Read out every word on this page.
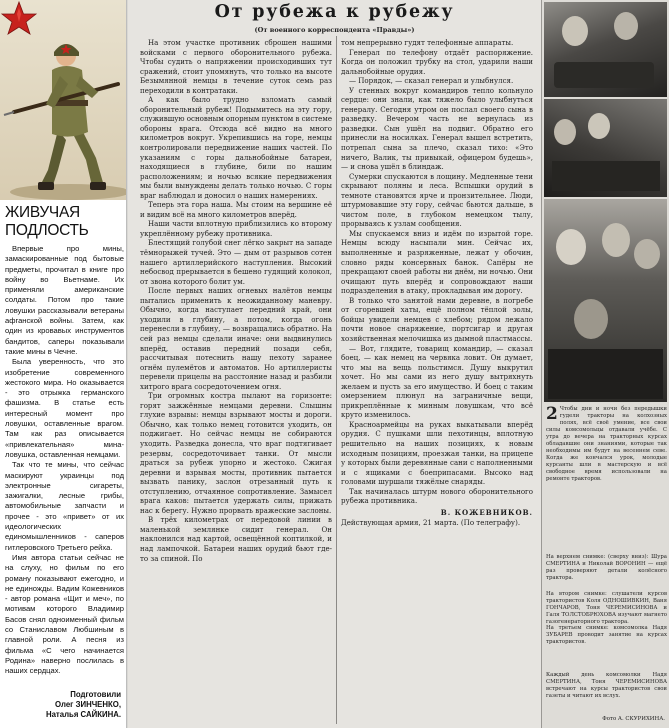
ЖИВУЧАЯ
ПОДЛОСТЬ

Впервые про мины, замаскированные под бытовые предметы, прочитал в книге про войну во Вьетнаме. Их применяли американские солдаты. Потом про такие ловушки рассказывали ветераны афганской войны. Затем, как один из кровавых инструментов бандитов, саперы показывали такие мины в Чечне.

Была уверенность, что это изобретение современного жестокого мира. Но оказывается - это отрыжка германского фашизма. В статье есть интересный момент про ловушки, оставленные врагом. Там как раз описывается «привлекательная» мина-ловушка, оставленная немцами.

Так что те мины, что сейчас маскируют украинцы под электронные сигареты, зажигалки, лесные грибы, автомобильные запчасти и прочее - это «привет» от их идеологических единомышленников - саперов гитлеровского Третьего рейха.

Имя автора статьи сейчас не на слуху, но фильм по его роману показывают ежегодно, и не единожды. Вадим Кожевников - автор романа «Щит и меч», по мотивам которого Владимир Басов снял одноименный фильм со Станиславом Любшиным в главной роли. А песня из фильма «С чего начинается Родина» наверно послилась в наших сердцах.

Подготовили
Олег ЗИНЧЕНКО,
Наталья САЙКИНА.
От рубежа к рубежу
(От военного корреспондента «Правды»)

На этом участке противник сброшен нашими войсками с первого оборонительного рубежа. Чтобы судить о напряжении происходивших тут сражений, стоит упомянуть, что только на высоте Безымянной немцы в течение суток семь раз переходили в контратаки.

А как было трудно взломать самый оборонительный рубеж! Подымитесь на эту гору, служившую основным опорным пунктом в системе обороны врага. Отсюда всё видно на много километров вокруг. Укрепившись на горе, немцы контролировали передвижение наших частей. По указаниям с горы дальнобойные батареи, находящиеся в глубине, били по нашим расположениям; и ночью всякие передвижения мы были вынуждены делать только ночью. С горы враг наблюдал и доносил о наших намерениях.

Теперь эта гора наша. Мы стоим на вершине её и видим всё на много километров вперёд.

Наши части вплотную приблизились ко второму укреплённому рубежу противника.

Блестящий голубой снег лёгко закрыт на западе тёмнорыжей тучей. Это — дым от разрывов сотен нашего артиллерийского наступления. Высокий небосвод прерывается в бешено гудящий колокол, от звона которого болит ум.

После первых наших огневых налётов немцы пытались применить к неожиданному маневру. Обычно, когда наступает передний край, они уходили в глубину, а потом, когда огонь перенесли в глубину, — возвращались обратно. На сей раз немцы сделали иначе: они выдвинулись вперёд, оставив передний позади себя, рассчитывая потеснить нашу пехоту заранее огнём пулемётов и автоматов. Но артиллеристы перевели прицелы на расстояние назад и разбили хитрого врага сосредоточением огня.

Три огромных костра пылают на горизонте: горят зажжённые немцами деревни. Слышны глухие взрывы: немцы взрывают мосты и дороги. Обычно, как только немец готовится уходить, он поджигает. Но сейчас немцы не собираются уходить. Разведка донесла, что враг подтягивает резервы, сосредоточивает танки. От мысли драться за рубеж упорно и жестоко. Сжигая деревни и взрывая мосты, противник пытается вызвать панику, заслон отрезанный путь к отступлению, отчаянное сопротивление. Замысел врага каков: пытается удержать силы, прижать нас к берегу. Нужно прорвать вражеские заслоны.

В трёх километрах от передовой линии в маленькой землянке сидит генерал. Он наклонился над картой, освещённой коптилкой, и над лампочкой. Батареи наших орудий бьют где-то за спиной. По

том непрерывно гудят телефонные аппараты.

Генерал по телефону отдаёт распоряжение. Когда он положил трубку на стол, ударили наши дальнобойные орудия.

— Порядок, — сказал генерал и улыбнулся.

У стенных вокруг командиров тепло кольнуло сердце: они знали, как тяжело было улыбнуться генералу. Сегодня утром он послал своего сына в разведку. Вечером часть не вернулась из разведки. Сын ушёл на подвиг. Обратно его принесли на носилках. Генерал вышел встретить, потрепал сына за плечо, сказал тихо: «Это ничего, Валик, ты привыкай, офицером будешь», — и снова ушёл в блиндаж.

Сумерки спускаются в лощину. Медленные тени скрывают поляны и леса. Вспышки орудий в темноте становятся ярче и пронзительнее. Люди, штурмовавшие эту гору, сейчас бьются дальше, в чистом поле, в глубоком немецком тылу, прорываясь к узлам сообщения.

Мы спускаемся вниз и идём по изрытой горе. Немцы всюду насыпали мин. Сейчас их, выполненные и разряженные, лежат у обочин, словно ряды консервных банок. Сапёры не прекращают своей работы ни днём, ни ночью. Они очищают путь вперёд и сопровождают наши подразделения в атаку, прокладывая им дорогу.

В только что занятой нами деревне, в погребе от сгоревшей хаты, ещё полном тёплой золы, бойцы увидели немцев с хлебом; рядом лежало почти новое снаряжение, портсигар и другая хозяйственная мелочишка из дымной пластмассы.

— Вот, глядите, товарищ командир, — сказал боец, — как немец на червяка ловит. Он думает, что мы на вещь польстимся. Душу выкрутил хочет. Но мы сами из него душу вытряхнуть желаем и пусть за его имущество. И боец с таким омерзением плюнул на заграничные вещи, прикреплённые к минным ловушкам, что всё круто изменилось.

Красноармейцы на руках выкатывали вперёд орудия. С пушками шли пехотинцы, вплотную решительно на наших позициях, к новым исходным позициям, проезжая танки, на прицепе у которых были деревянные сани с наполненными и с ящиками с боеприпасами. Высоко над головами шуршали тяжёлые снаряды.

Так начиналась штурм нового оборонительного рубежа противника.

В. КОЖЕВНИКОВ.
Действующая армия, 21 марта. (По телеграфу).
2 Чтобы дни и ночи без передышки гудели тракторы на колхозных полях, всё своё умение, все свои силы комсомольцы отдавали учёбе. С утра до вечера на тракторных курсах обладавшие они знаниями, которые так необходимы им будут на весеннем севе. Когда же кончался урок, молодые курсанты шли в мастерскую и всё свободное время использовали на ремонте тракторов.
На верхнем снимке: (сверху вниз): Шура СМЕРТИНА и Николай ВОРОНИН — ещё раз проверяют детали колёсного трактора.
На втором снимке: слушатели курсов трактористов Коля ОДНОШИВКИН, Ваня ГОНЧАРОВ, Тоня ЧЕРЕМИСИНОВА и Галя ТОЛСТОБРЮХОВА изучают магнето газогенераторного трактора.
На третьем снимке: комсомолка Надя ЗУБАРЕВ проводит занятие на курсах трактористов.
Каждый день комсомолки Надя СМЕРТИНА, Тоня ЧЕРЕМИСИНОВА встречают на курсы трактористов свои газеты и читают их вслух.
Фото А. СКУРИХИНА.
